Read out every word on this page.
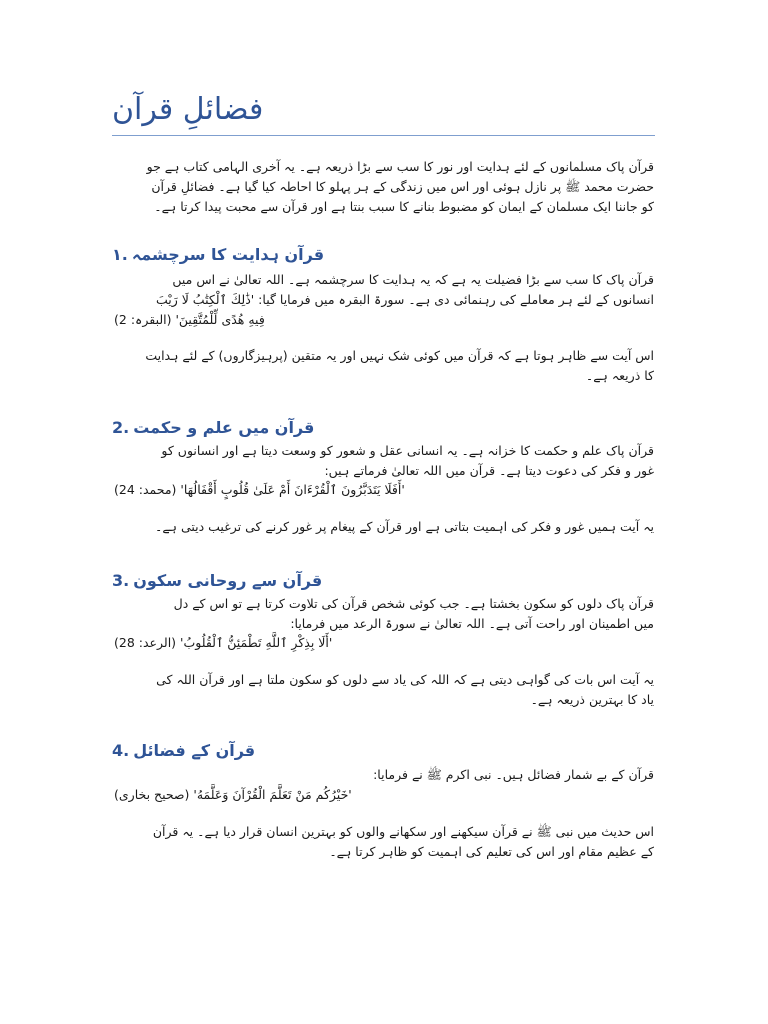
فضائلِ قرآن

قرآن پاک مسلمانوں کے لئے ہدایت اور نور کا سب سے بڑا ذریعہ ہے۔ یہ آخری الہامی کتاب ہے جو

حضرت محمد ﷺ پر نازل ہوئی اور اس میں زندگی کے ہر پہلو کا احاطہ کیا گیا ہے۔ فضائلِ قرآن

کو جاننا ایک مسلمان کے ایمان کو مضبوط بنانے کا سبب بنتا ہے اور قرآن سے محبت پیدا کرتا ہے۔

١. قرآن ہدایت کا سرچشمہ

قرآن پاک کا سب سے بڑا فضیلت یہ ہے کہ یہ ہدایت کا سرچشمہ ہے۔ اللہ تعالیٰ نے اس میں

انسانوں کے لئے ہر معاملے کی رہنمائی دی ہے۔ سورۃ البقرہ میں فرمایا گیا: 'ذَٰلِكَ ٱلْكِتَٰبُ لَا رَيْبَ

فِيهِ هُدًى لِّلْمُتَّقِينَ' (البقرہ: 2)

اس آیت سے ظاہر ہوتا ہے کہ قرآن میں کوئی شک نہیں اور یہ متقین (پرہیزگاروں) کے لئے ہدایت

کا ذریعہ ہے۔

2. قرآن میں علم و حکمت

قرآن پاک علم و حکمت کا خزانہ ہے۔ یہ انسانی عقل و شعور کو وسعت دیتا ہے اور انسانوں کو

غور و فکر کی دعوت دیتا ہے۔ قرآن میں اللہ تعالیٰ فرماتے ہیں:

'أَفَلَا يَتَدَبَّرُونَ ٱلْقُرْءَانَ أَمْ عَلَىٰ قُلُوبٍ أَقْفَالُهَا' (محمد: 24)

یہ آیت ہمیں غور و فکر کی اہمیت بتاتی ہے اور قرآن کے پیغام پر غور کرنے کی ترغیب دیتی ہے۔

3. قرآن سے روحانی سکون

قرآن پاک دلوں کو سکون بخشتا ہے۔ جب کوئی شخص قرآن کی تلاوت کرتا ہے تو اس کے دل

میں اطمینان اور راحت آتی ہے۔ اللہ تعالیٰ نے سورۃ الرعد میں فرمایا:

'أَلَا بِذِكْرِ ٱللَّهِ تَطْمَئِنُّ ٱلْقُلُوبُ' (الرعد: 28)

یہ آیت اس بات کی گواہی دیتی ہے کہ اللہ کی یاد سے دلوں کو سکون ملتا ہے اور قرآن اللہ کی

یاد کا بہترین ذریعہ ہے۔

4. قرآن کے فضائل

قرآن کے بے شمار فضائل ہیں۔ نبی اکرم ﷺ نے فرمایا:

'خَيْرُكُم مَنْ تَعَلَّمَ الْقُرْآنَ وَعَلَّمَهُ' (صحیح بخاری)

اس حدیث میں نبی ﷺ نے قرآن سیکھنے اور سکھانے والوں کو بہترین انسان قرار دیا ہے۔ یہ قرآن

کے عظیم مقام اور اس کی تعلیم کی اہمیت کو ظاہر کرتا ہے۔
